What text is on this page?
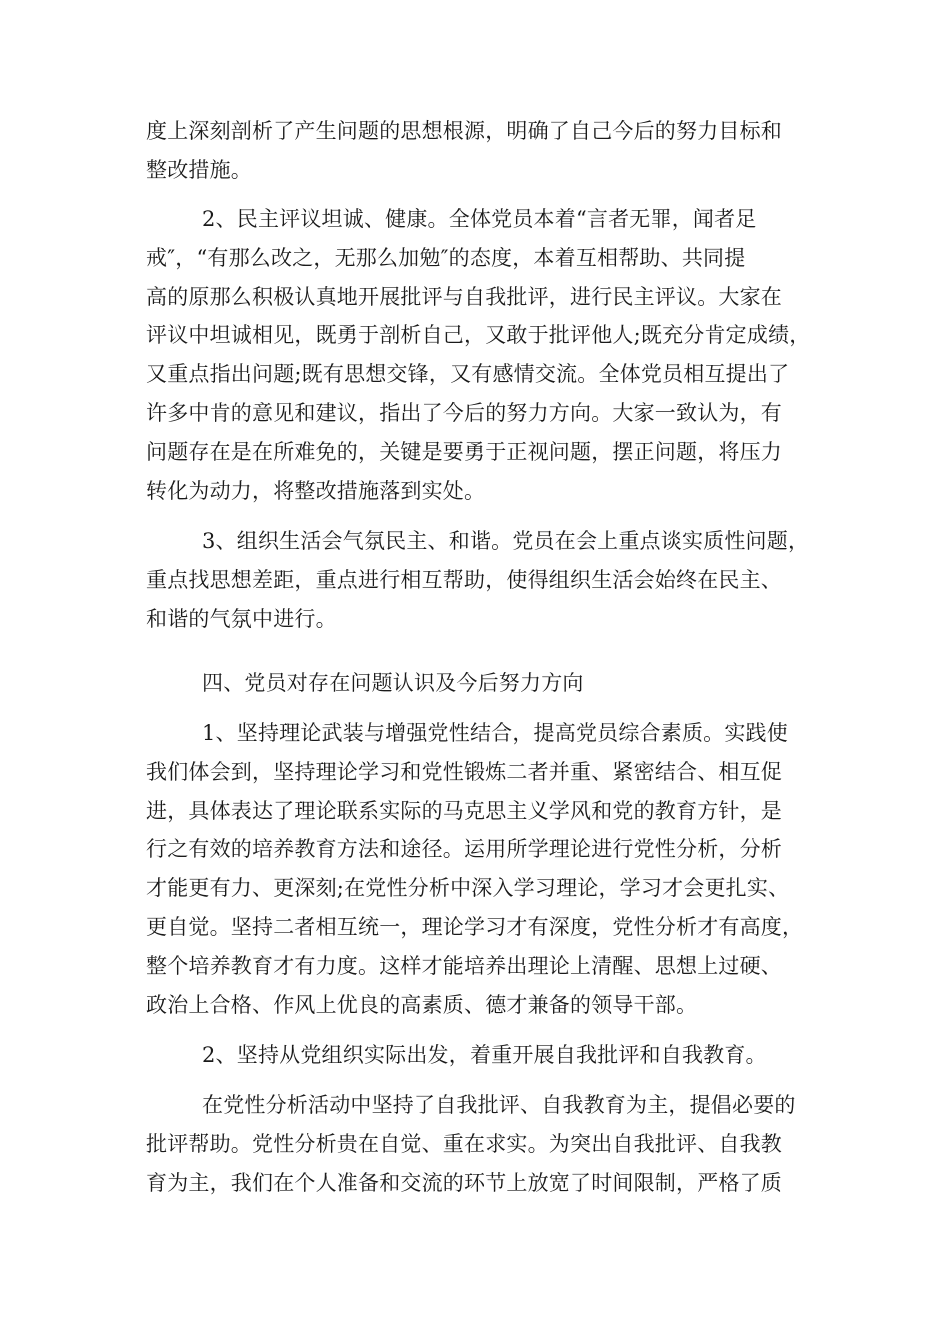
度上深刻剖析了产生问题的思想根源，明确了自己今后的努力目标和
整改措施。
2、民主评议坦诚、健康。全体党员本着“言者无罪，闻者足
戒″，“有那么改之，无那么加勉″的态度，本着互相帮助、共同提
高的原那么积极认真地开展批评与自我批评，进行民主评议。大家在
评议中坦诚相见，既勇于剖析自己，又敢于批评他人;既充分肯定成绩，
又重点指出问题;既有思想交锋，又有感情交流。全体党员相互提出了
许多中肯的意见和建议，指出了今后的努力方向。大家一致认为，有
问题存在是在所难免的，关键是要勇于正视问题，摆正问题，将压力
转化为动力，将整改措施落到实处。
3、组织生活会气氛民主、和谐。党员在会上重点谈实质性问题，
重点找思想差距，重点进行相互帮助，使得组织生活会始终在民主、
和谐的气氛中进行。
四、党员对存在问题认识及今后努力方向
1、坚持理论武装与增强党性结合，提高党员综合素质。实践使
我们体会到，坚持理论学习和党性锻炼二者并重、紧密结合、相互促
进，具体表达了理论联系实际的马克思主义学风和党的教育方针，是
行之有效的培养教育方法和途径。运用所学理论进行党性分析，分析
才能更有力、更深刻;在党性分析中深入学习理论，学习才会更扎实、
更自觉。坚持二者相互统一，理论学习才有深度，党性分析才有高度，
整个培养教育才有力度。这样才能培养出理论上清醒、思想上过硬、
政治上合格、作风上优良的高素质、德才兼备的领导干部。
2、坚持从党组织实际出发，着重开展自我批评和自我教育。
在党性分析活动中坚持了自我批评、自我教育为主，提倡必要的
批评帮助。党性分析贵在自觉、重在求实。为突出自我批评、自我教
育为主，我们在个人准备和交流的环节上放宽了时间限制，严格了质
